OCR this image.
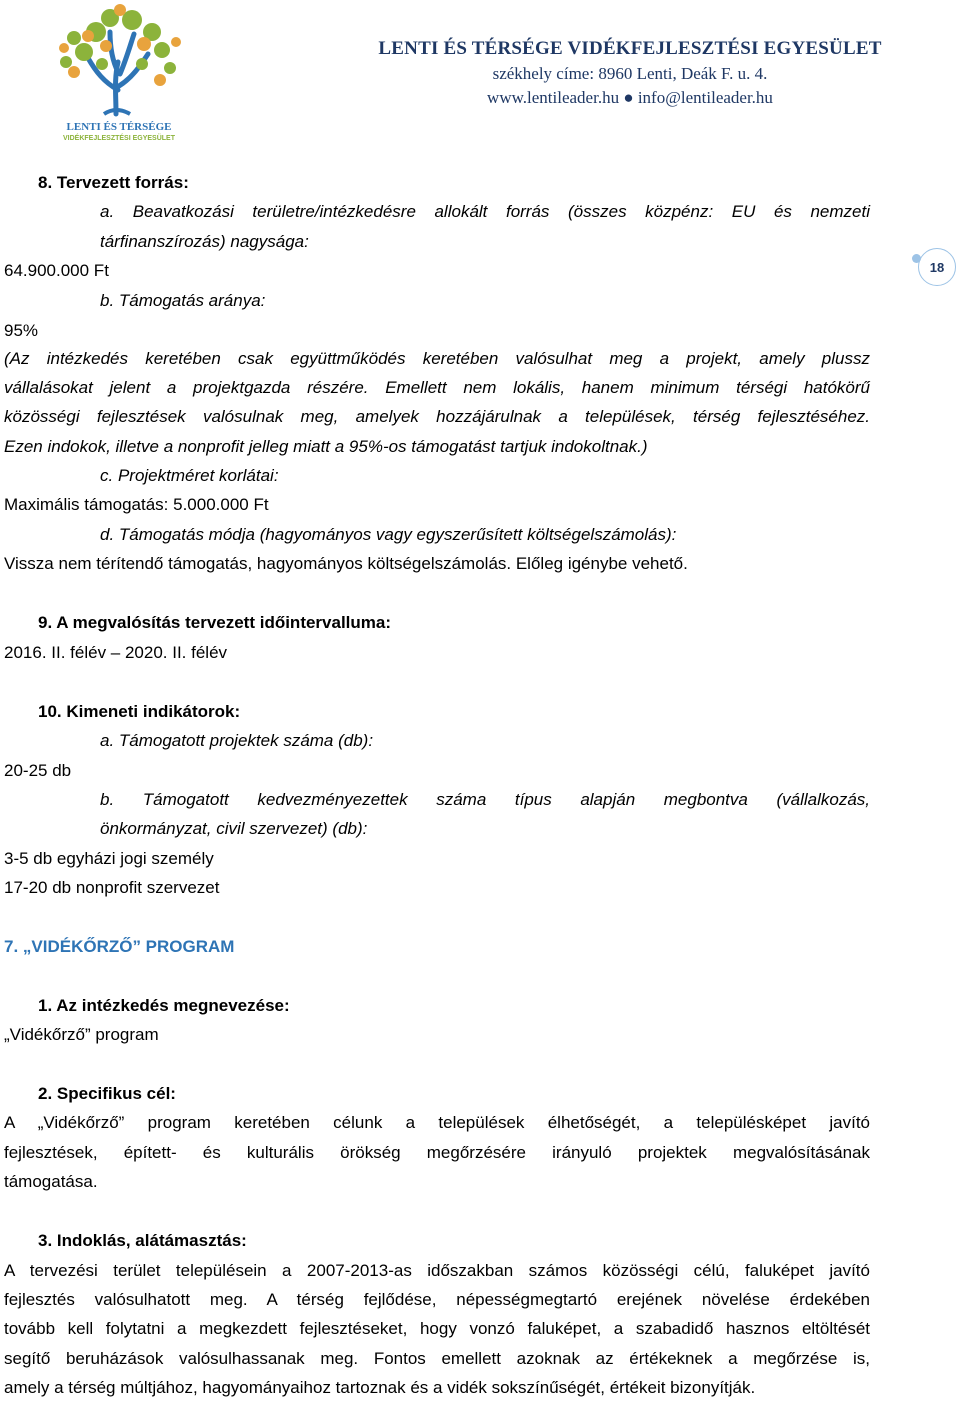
LENTI ÉS TÉRSÉGE
VIDÉKFEJLESZTÉSI EGYESÜLET
LENTI ÉS TÉRSÉGE VIDÉKFEJLESZTÉSI EGYESÜLET
székhely címe: 8960 Lenti, Deák F. u. 4.
www.lentileader.hu ● info@lentileader.hu
18
8. Tervezett forrás:
a. Beavatkozási területre/intézkedésre allokált forrás (összes közpénz: EU és nemzeti
tárfinanszírozás) nagysága:
64.900.000 Ft
b. Támogatás aránya:
95%
(Az intézkedés keretében csak együttműködés keretében valósulhat meg a projekt, amely plussz
vállalásokat jelent a projektgazda részére. Emellett nem lokális, hanem minimum térségi hatókörű
közösségi fejlesztések valósulnak meg, amelyek hozzájárulnak a települések, térség fejlesztéséhez.
Ezen indokok, illetve a nonprofit jelleg miatt a 95%-os támogatást tartjuk indokoltnak.)
c. Projektméret korlátai:
Maximális támogatás: 5.000.000 Ft
d. Támogatás módja (hagyományos vagy egyszerűsített költségelszámolás):
Vissza nem térítendő támogatás, hagyományos költségelszámolás. Előleg igénybe vehető.
9. A megvalósítás tervezett időintervalluma:
2016. II. félév – 2020. II. félév
10. Kimeneti indikátorok:
a. Támogatott projektek száma (db):
20-25 db
b. Támogatott kedvezményezettek száma típus alapján megbontva (vállalkozás,
önkormányzat, civil szervezet) (db):
3-5 db egyházi jogi személy
17-20 db nonprofit szervezet
7. „VIDÉKŐRZŐ” PROGRAM
1. Az intézkedés megnevezése:
„Vidékőrző” program
2. Specifikus cél:
A „Vidékőrző” program keretében célunk a települések élhetőségét, a településképet javító
fejlesztések, épített- és kulturális örökség megőrzésére irányuló projektek megvalósításának
támogatása.
3. Indoklás, alátámasztás:
A tervezési terület településein a 2007-2013-as időszakban számos közösségi célú, faluképet javító
fejlesztés valósulhatott meg. A térség fejlődése, népességmegtartó erejének növelése érdekében
tovább kell folytatni a megkezdett fejlesztéseket, hogy vonzó faluképet, a szabadidő hasznos eltöltését
segítő beruházások valósulhassanak meg. Fontos emellett azoknak az értékeknek a megőrzése is,
amely a térség múltjához, hagyományaihoz tartoznak és a vidék sokszínűségét, értékeit bizonyítják.
